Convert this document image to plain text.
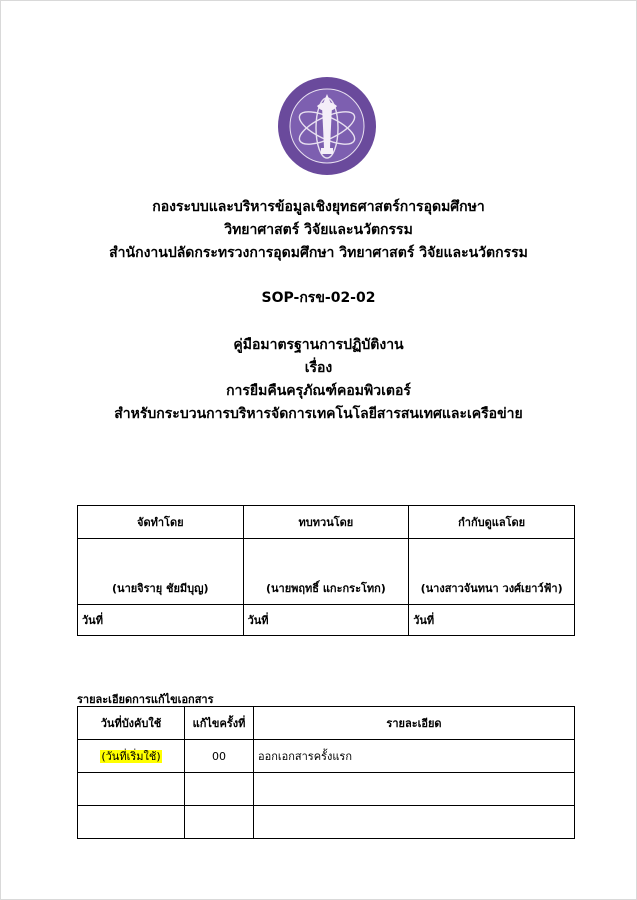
กองระบบและบริหารข้อมูลเชิงยุทธศาสตร์การอุดมศึกษา
วิทยาศาสตร์ วิจัยและนวัตกรรม
สำนักงานปลัดกระทรวงการอุดมศึกษา วิทยาศาสตร์ วิจัยและนวัตกรรม
SOP-กรข-02-02
คู่มือมาตรฐานการปฏิบัติงาน
เรื่อง
การยืมคืนครุภัณฑ์คอมพิวเตอร์
สำหรับกระบวนการบริหารจัดการเทคโนโลยีสารสนเทศและเครือข่าย
จัดทำโดย	ทบทวนโดย	กำกับดูแลโดย
(นายจิรายุ ชัยมีบุญ)	(นายพฤทธิ์ แกะกระโทก)	(นางสาวจันทนา วงศ์เยาว์ฟ้า)
วันที่	วันที่	วันที่
รายละเอียดการแก้ไขเอกสาร
วันที่บังคับใช้	แก้ไขครั้งที่	รายละเอียด
(วันที่เริ่มใช้)	00	ออกเอกสารครั้งแรก
